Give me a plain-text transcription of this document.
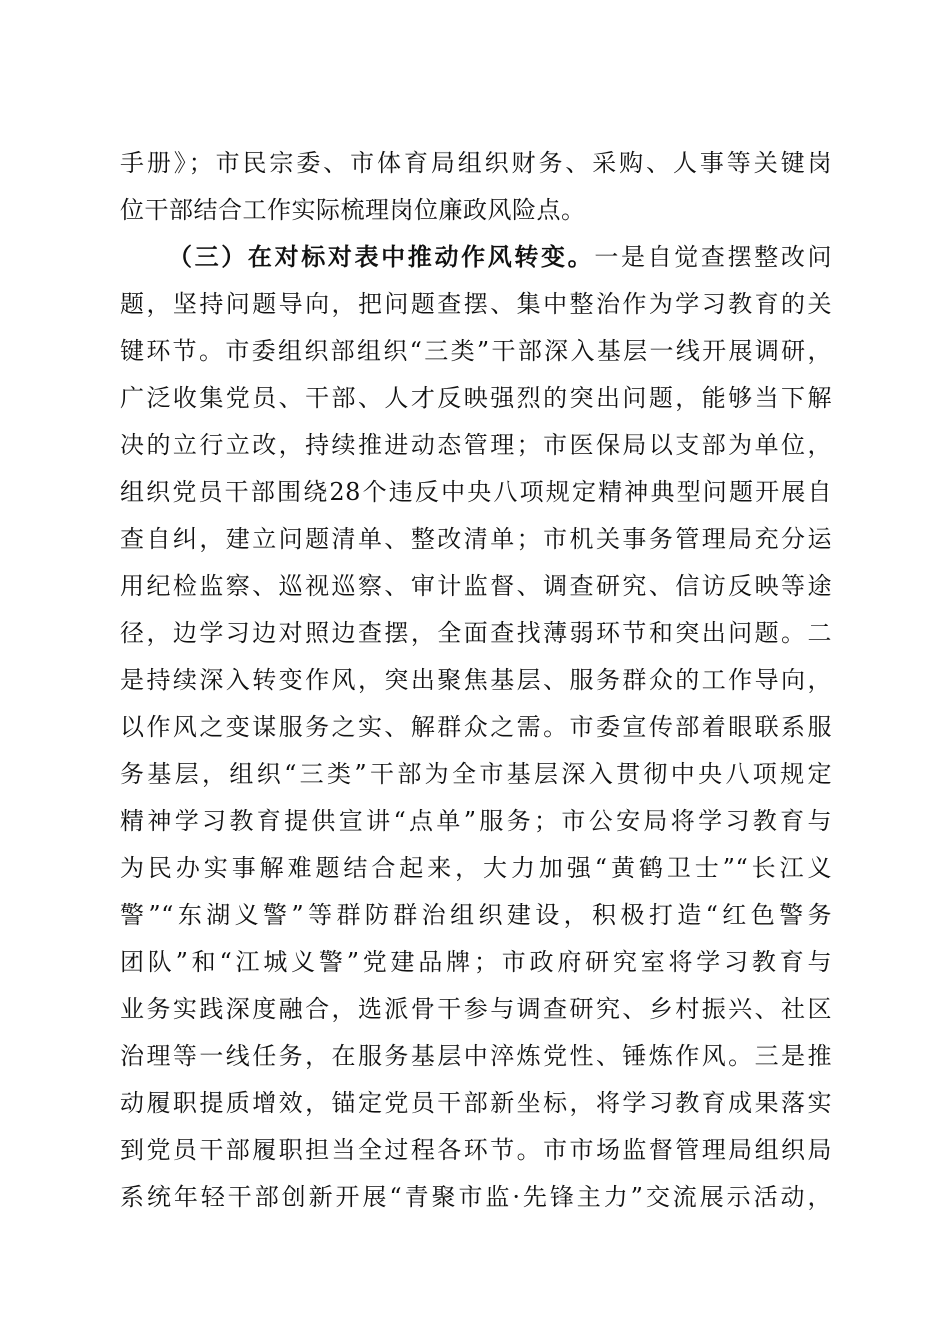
手册》；市民宗委、市体育局组织财务、采购、人事等关键岗
位干部结合工作实际梳理岗位廉政风险点。
（三）在对标对表中推动作风转变。一是自觉查摆整改问
题，坚持问题导向，把问题查摆、集中整治作为学习教育的关
键环节。市委组织部组织“三类”干部深入基层一线开展调研，
广泛收集党员、干部、人才反映强烈的突出问题，能够当下解
决的立行立改，持续推进动态管理；市医保局以支部为单位，
组织党员干部围绕28个违反中央八项规定精神典型问题开展自
查自纠，建立问题清单、整改清单；市机关事务管理局充分运
用纪检监察、巡视巡察、审计监督、调查研究、信访反映等途
径，边学习边对照边查摆，全面查找薄弱环节和突出问题。二
是持续深入转变作风，突出聚焦基层、服务群众的工作导向，
以作风之变谋服务之实、解群众之需。市委宣传部着眼联系服
务基层，组织“三类”干部为全市基层深入贯彻中央八项规定
精神学习教育提供宣讲“点单”服务；市公安局将学习教育与
为民办实事解难题结合起来，大力加强“黄鹤卫士”“长江义
警”“东湖义警”等群防群治组织建设，积极打造“红色警务
团队”和“江城义警”党建品牌；市政府研究室将学习教育与
业务实践深度融合，选派骨干参与调查研究、乡村振兴、社区
治理等一线任务，在服务基层中淬炼党性、锤炼作风。三是推
动履职提质增效，锚定党员干部新坐标，将学习教育成果落实
到党员干部履职担当全过程各环节。市市场监督管理局组织局
系统年轻干部创新开展“青聚市监·先锋主力”交流展示活动，
